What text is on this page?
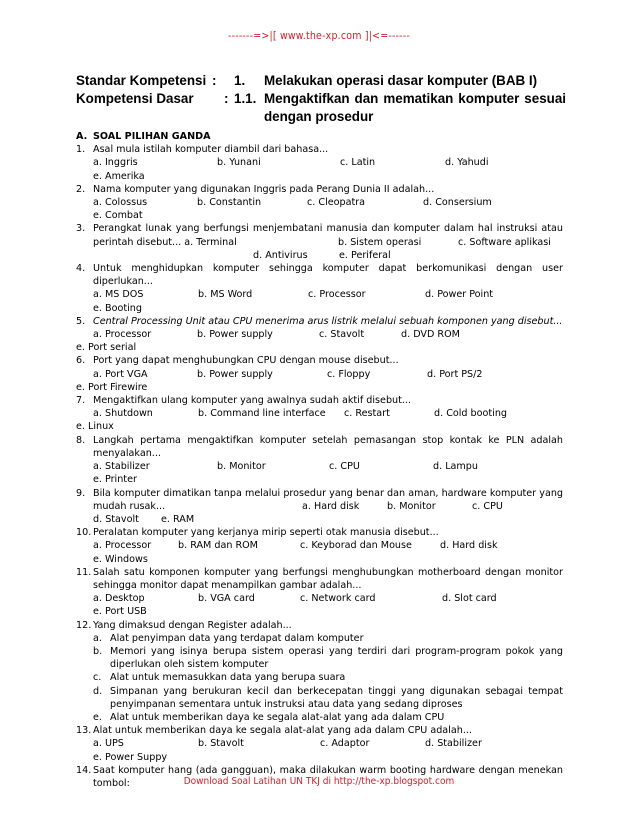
-------=>|[ www.the-xp.com ]|<=------
Standar Kompetensi :	1.	Melakukan operasi dasar komputer (BAB I)
Kompetensi Dasar	: 1.1. Mengaktifkan dan mematikan komputer sesuai dengan prosedur
A. SOAL PILIHAN GANDA
1. Asal mula istilah komputer diambil dari bahasa...
a. Inggris	b. Yunani	c. Latin	d. Yahudi
e. Amerika
2. Nama komputer yang digunakan Inggris pada Perang Dunia II adalah...
a. Colossus	b. Constantin	c. Cleopatra	d. Consersium
e. Combat
3. Perangkat lunak yang berfungsi menjembatani manusia dan komputer dalam hal instruksi atau perintah disebut... a. Terminal	b. Sistem operasi	c. Software aplikasi
d. Antivirus	e. Periferal
4. Untuk menghidupkan komputer sehingga komputer dapat berkomunikasi dengan user diperlukan...
a. MS DOS	b. MS Word	c. Processor	d. Power Point
e. Booting
5. Central Processing Unit atau CPU menerima arus listrik melalui sebuah komponen yang disebut...
a. Processor	b. Power supply	c. Stavolt	d. DVD ROM
e. Port serial
6. Port yang dapat menghubungkan CPU dengan mouse disebut...
a. Port VGA	b. Power supply	c. Floppy	d. Port PS/2
e. Port Firewire
7. Mengaktifkan ulang komputer yang awalnya sudah aktif disebut...
a. Shutdown	b. Command line interface	c. Restart	d. Cold booting
e. Linux
8. Langkah pertama mengaktifkan komputer setelah pemasangan stop kontak ke PLN adalah menyalakan...
a. Stabilizer	b. Monitor	c. CPU	d. Lampu
e. Printer
9. Bila komputer dimatikan tanpa melalui prosedur yang benar dan aman, hardware komputer yang mudah rusak...	a. Hard disk	b. Monitor	c. CPU
d. Stavolt	e. RAM
10. Peralatan komputer yang kerjanya mirip seperti otak manusia disebut...
a. Processor	b. RAM dan ROM	c. Keyborad dan Mouse	d. Hard disk
e. Windows
11. Salah satu komponen komputer yang berfungsi menghubungkan motherboard dengan monitor sehingga monitor dapat menampilkan gambar adalah...
a. Desktop	b. VGA card	c. Network card	d. Slot card
e. Port USB
12. Yang dimaksud dengan Register adalah...
a. Alat penyimpan data yang terdapat dalam komputer
b. Memori yang isinya berupa sistem operasi yang terdiri dari program-program pokok yang diperlukan oleh sistem komputer
c. Alat untuk memasukkan data yang berupa suara
d. Simpanan yang berukuran kecil dan berkecepatan tinggi yang digunakan sebagai tempat penyimpanan sementara untuk instruksi atau data yang sedang diproses
e. Alat untuk memberikan daya ke segala alat-alat yang ada dalam CPU
13. Alat untuk memberikan daya ke segala alat-alat yang ada dalam CPU adalah...
a. UPS	b. Stavolt	c. Adaptor	d. Stabilizer
e. Power Suppy
14. Saat komputer hang (ada gangguan), maka dilakukan warm booting hardware dengan menekan tombol:	Download Soal Latihan UN TKJ di http://the-xp.blogspot.com
